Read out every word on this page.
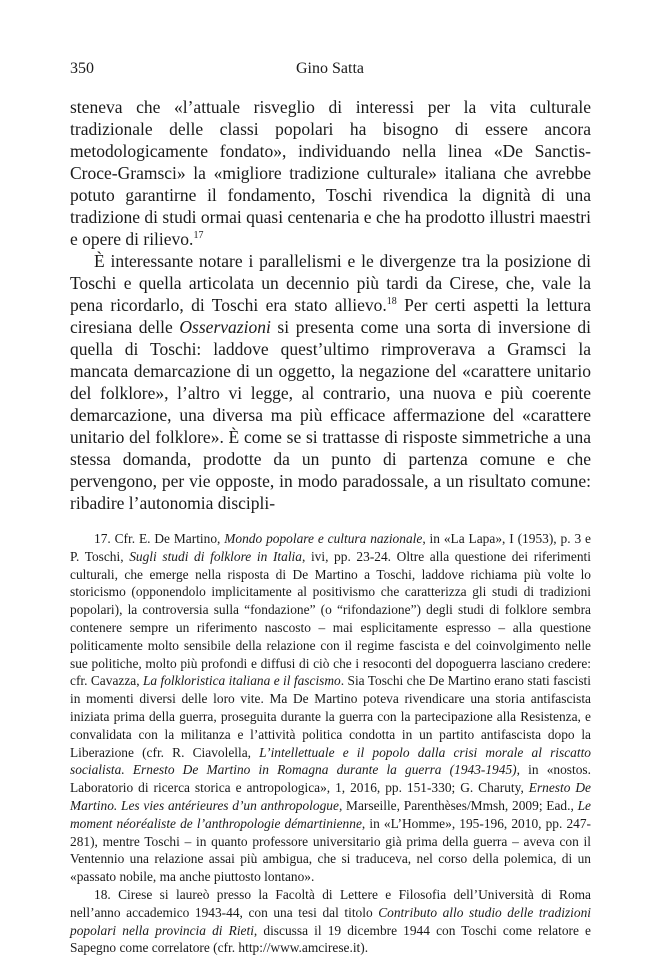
350	Gino Satta

steneva che «l’attuale risveglio di interessi per la vita culturale tradizionale delle classi popolari ha bisogno di essere ancora metodologicamente fondato», individuando nella linea «De Sanctis-Croce-Gramsci» la «migliore tradizione culturale» italiana che avrebbe potuto garantirne il fondamento, Toschi rivendica la dignità di una tradizione di studi ormai quasi centenaria e che ha prodotto illustri maestri e opere di rilievo.$^{17}$

È interessante notare i parallelismi e le divergenze tra la posizione di Toschi e quella articolata un decennio più tardi da Cirese, che, vale la pena ricordarlo, di Toschi era stato allievo.$^{18}$ Per certi aspetti la lettura ciresiana delle Osservazioni si presenta come una sorta di inversione di quella di Toschi: laddove quest’ultimo rimproverava a Gramsci la mancata demarcazione di un oggetto, la negazione del «carattere unitario del folklore», l’altro vi legge, al contrario, una nuova e più coerente demarcazione, una diversa ma più efficace affermazione del «carattere unitario del folklore». È come se si trattasse di risposte simmetriche a una stessa domanda, prodotte da un punto di partenza comune e che pervengono, per vie opposte, in modo paradossale, a un risultato comune: ribadire l’autonomia discipli-

17. Cfr. E. De Martino, Mondo popolare e cultura nazionale, in «La Lapa», I (1953), p. 3 e P. Toschi, Sugli studi di folklore in Italia, ivi, pp. 23-24. Oltre alla questione dei riferimenti culturali, che emerge nella risposta di De Martino a Toschi, laddove richiama più volte lo storicismo (opponendolo implicitamente al positivismo che caratterizza gli studi di tradizioni popolari), la controversia sulla “fondazione” (o “rifondazione”) degli studi di folklore sembra contenere sempre un riferimento nascosto – mai esplicitamente espresso – alla questione politicamente molto sensibile della relazione con il regime fascista e del coinvolgimento nelle sue politiche, molto più profondi e diffusi di ciò che i resoconti del dopoguerra lasciano credere: cfr. Cavazza, La folkloristica italiana e il fascismo. Sia Toschi che De Martino erano stati fascisti in momenti diversi delle loro vite. Ma De Martino poteva rivendicare una storia antifascista iniziata prima della guerra, proseguita durante la guerra con la partecipazione alla Resistenza, e convalidata con la militanza e l’attività politica condotta in un partito antifascista dopo la Liberazione (cfr. R. Ciavolella, L’intellettuale e il popolo dalla crisi morale al riscatto socialista. Ernesto De Martino in Romagna durante la guerra (1943-1945), in «nostos. Laboratorio di ricerca storica e antropologica», 1, 2016, pp. 151-330; G. Charuty, Ernesto De Martino. Les vies antérieures d’un anthropologue, Marseille, Parenthèses/Mmsh, 2009; Ead., Le moment néoréaliste de l’anthropologie démartinienne, in «L’Homme», 195-196, 2010, pp. 247-281), mentre Toschi – in quanto professore universitario già prima della guerra – aveva con il Ventennio una relazione assai più ambigua, che si traduceva, nel corso della polemica, di un «passato nobile, ma anche piuttosto lontano».

18. Cirese si laureò presso la Facoltà di Lettere e Filosofia dell’Università di Roma nell’anno accademico 1943-44, con una tesi dal titolo Contributo allo studio delle tradizioni popolari nella provincia di Rieti, discussa il 19 dicembre 1944 con Toschi come relatore e Sapegno come correlatore (cfr. http://www.amcirese.it).
